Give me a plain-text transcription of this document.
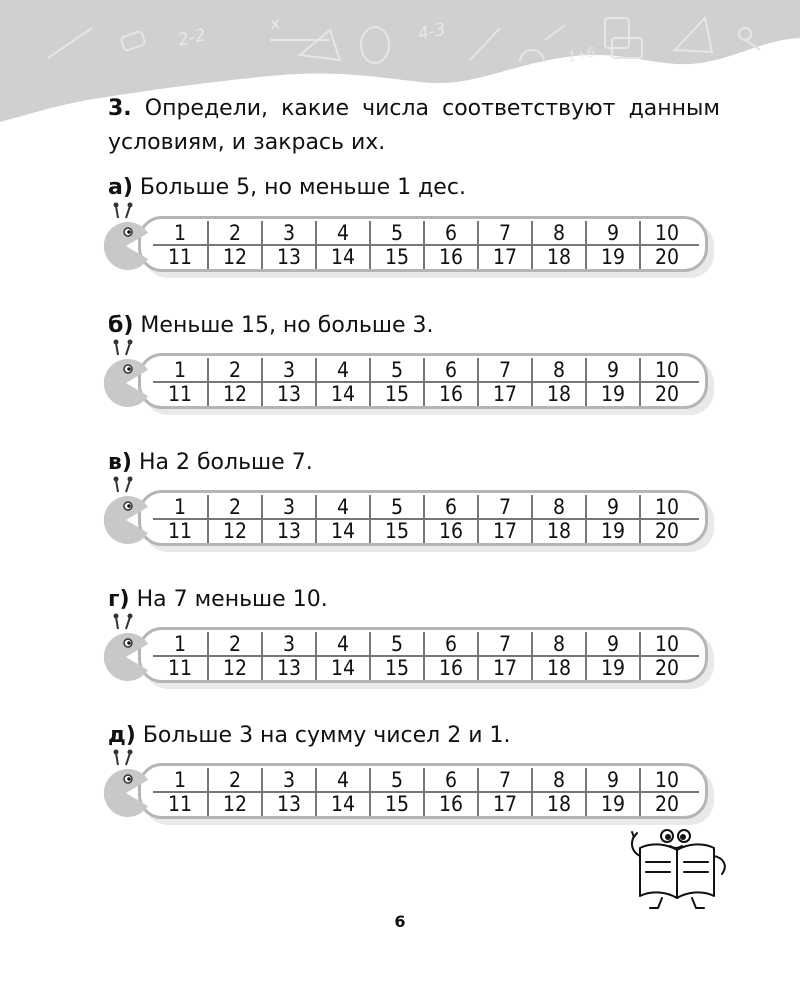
2-2
x	4-3
1+6
3. Определи, какие числа соответствуют данным условиям, и закрась их.
а) Больше 5, но меньше 1 дес.
1	2	3	4	5	6	7	8	9	10
11	12	13	14	15	16	17	18	19	20
б) Меньше 15, но больше 3.
1	2	3	4	5	6	7	8	9	10
11	12	13	14	15	16	17	18	19	20
в) На 2 больше 7.
1	2	3	4	5	6	7	8	9	10
11	12	13	14	15	16	17	18	19	20
г) На 7 меньше 10.
1	2	3	4	5	6	7	8	9	10
11	12	13	14	15	16	17	18	19	20
д) Больше 3 на сумму чисел 2 и 1.
1	2	3	4	5	6	7	8	9	10
11	12	13	14	15	16	17	18	19	20
6
